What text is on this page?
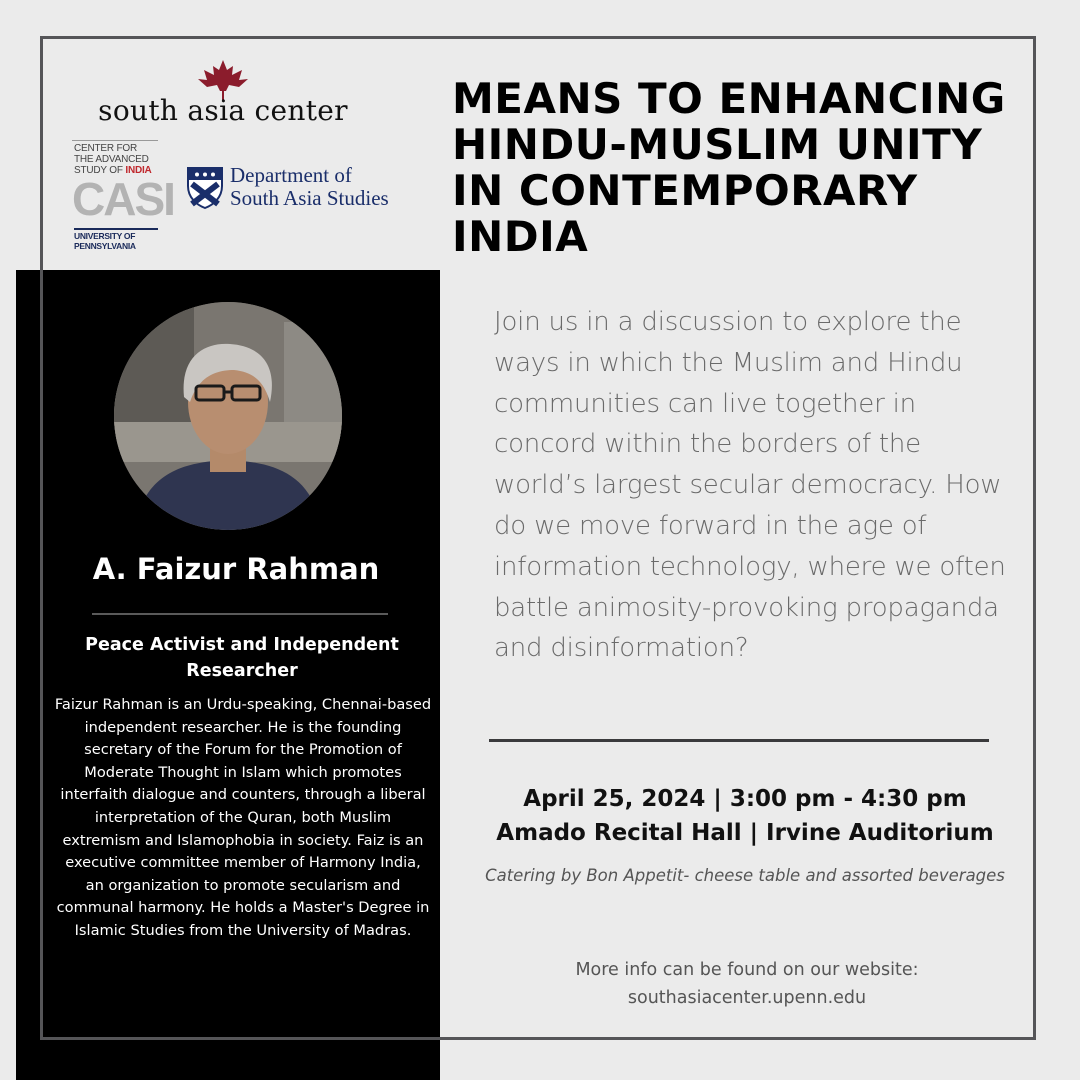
south asia center
CENTER FOR
THE ADVANCED
STUDY OF INDIA
CASI
UNIVERSITY OF PENNSYLVANIA
Department of
South Asia Studies
MEANS TO ENHANCING HINDU-MUSLIM UNITY IN CONTEMPORARY INDIA
A. Faizur Rahman
Peace Activist and Independent Researcher
Faizur Rahman is an Urdu-speaking, Chennai-based independent researcher. He is the founding secretary of the Forum for the Promotion of Moderate Thought in Islam which promotes interfaith dialogue and counters, through a liberal interpretation of the Quran, both Muslim extremism and Islamophobia in society. Faiz is an executive committee member of Harmony India, an organization to promote secularism and communal harmony. He holds a Master's Degree in Islamic Studies from the University of Madras.
Join us in a discussion to explore the ways in which the Muslim and Hindu communities can live together in concord within the borders of the world’s largest secular democracy. How do we move forward in the age of information technology, where we often battle animosity-provoking propaganda and disinformation?
April 25, 2024 | 3:00 pm - 4:30 pm
Amado Recital Hall | Irvine Auditorium
Catering by Bon Appetit- cheese table and assorted beverages
More info can be found on our website:
southasiacenter.upenn.edu
